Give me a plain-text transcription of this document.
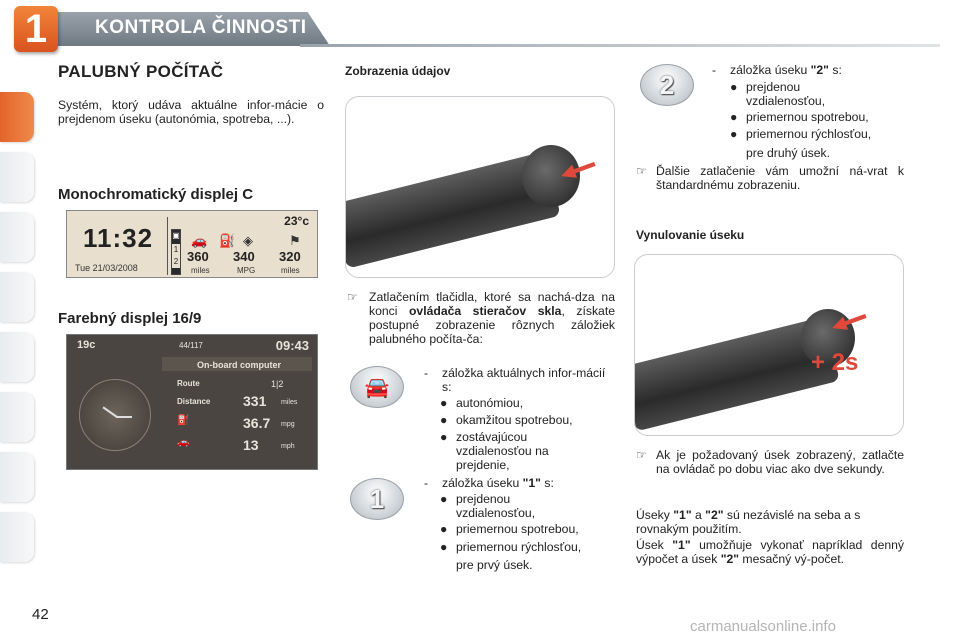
1	KONTROLA ČINNOSTI
PALUBNÝ POČÍTAČ
Systém, ktorý udáva aktuálne infor-mácie o prejdenom úseku (autonómia, spotreba, ...).
Monochromatický displej C
11:32
Tue 21/03/2008
23°c
▣
1
2
🚗 ⛽ ◈	⚑
360 340 320
miles	MPG	miles
Farebný displej 16/9
19c	44/117	09:43
On-board computer
Route	1|2
Distance 331 miles
⛽	36.7 mpg
🚗	13	mph
Zobrazenia údajov
☞ Zatlačením tlačidla, ktoré sa nachá-dza na konci ovládača stieračov skla, získate postupné zobrazenie rôznych záložiek palubného počíta-ča:
🚘
- záložka aktuálnych infor-mácií s:
● autonómiou,
● okamžitou spotrebou,
● zostávajúcou vzdialenosťou na prejdenie,
1
- záložka úseku "1" s:
● prejdenou vzdialenosťou,
● priemernou spotrebou,
● priemernou rýchlosťou,
pre prvý úsek.
2	- záložka úseku "2" s:
● prejdenou vzdialenosťou,
● priemernou spotrebou,
● priemernou rýchlosťou,
pre druhý úsek.
☞ Ďalšie zatlačenie vám umožní ná-vrat k štandardnému zobrazeniu.
Vynulovanie úseku
+ 2s
☞ Ak je požadovaný úsek zobrazený, zatlačte na ovládač po dobu viac ako dve sekundy.
Úseky "1" a "2" sú nezávislé na seba a s rovnakým použitím.
Úsek "1" umožňuje vykonať napríklad denný výpočet a úsek "2" mesačný vý-počet.
42
carmanualsonline.info
